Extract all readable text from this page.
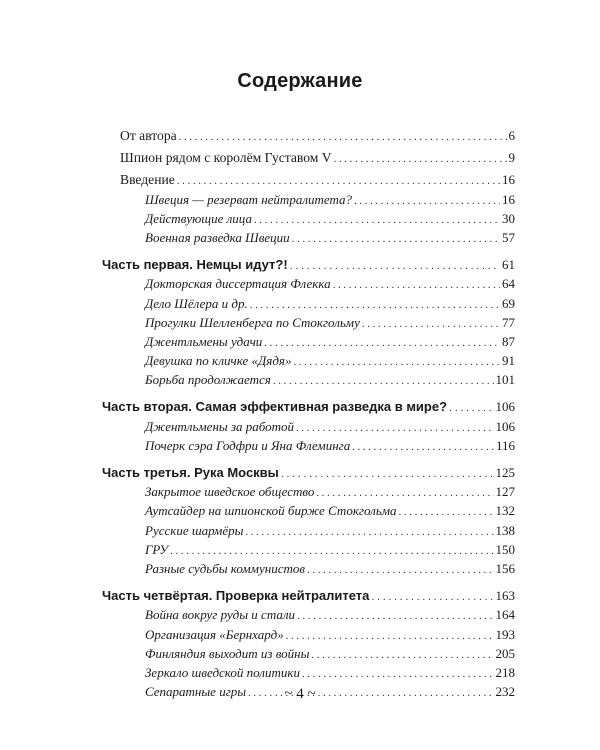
Содержание
От автора .....	6
Шпион рядом с королём Густавом V .....	9
Введение .....	16
Швеция — резерват нейтралитета? .....	16
Действующие лица .....	30
Военная разведка Швеции .....	57
Часть первая. Немцы идут?! .....	61
Докторская диссертация Флекка .....	64
Дело Шёлера и др. .....	69
Прогулки Шелленберга по Стокгольму .....	77
Джентльмены удачи .....	87
Девушка по кличке «Дядя» .....	91
Борьба продолжается .....	101
Часть вторая. Самая эффективная разведка в мире? .....	106
Джентльмены за работой .....	106
Почерк сэра Годфри и Яна Флеминга .....	116
Часть третья. Рука Москвы .....	125
Закрытое шведское общество .....	127
Аутсайдер на шпионской бирже Стокгольма .....	132
Русские шармёры .....	138
ГРУ .....	150
Разные судьбы коммунистов .....	156
Часть четвёртая. Проверка нейтралитета .....	163
Война вокруг руды и стали .....	164
Организация «Бернхард» .....	193
Финляндия выходит из войны .....	205
Зеркало шведской политики .....	218
Сепаратные игры .....	232
~ 4 ~
